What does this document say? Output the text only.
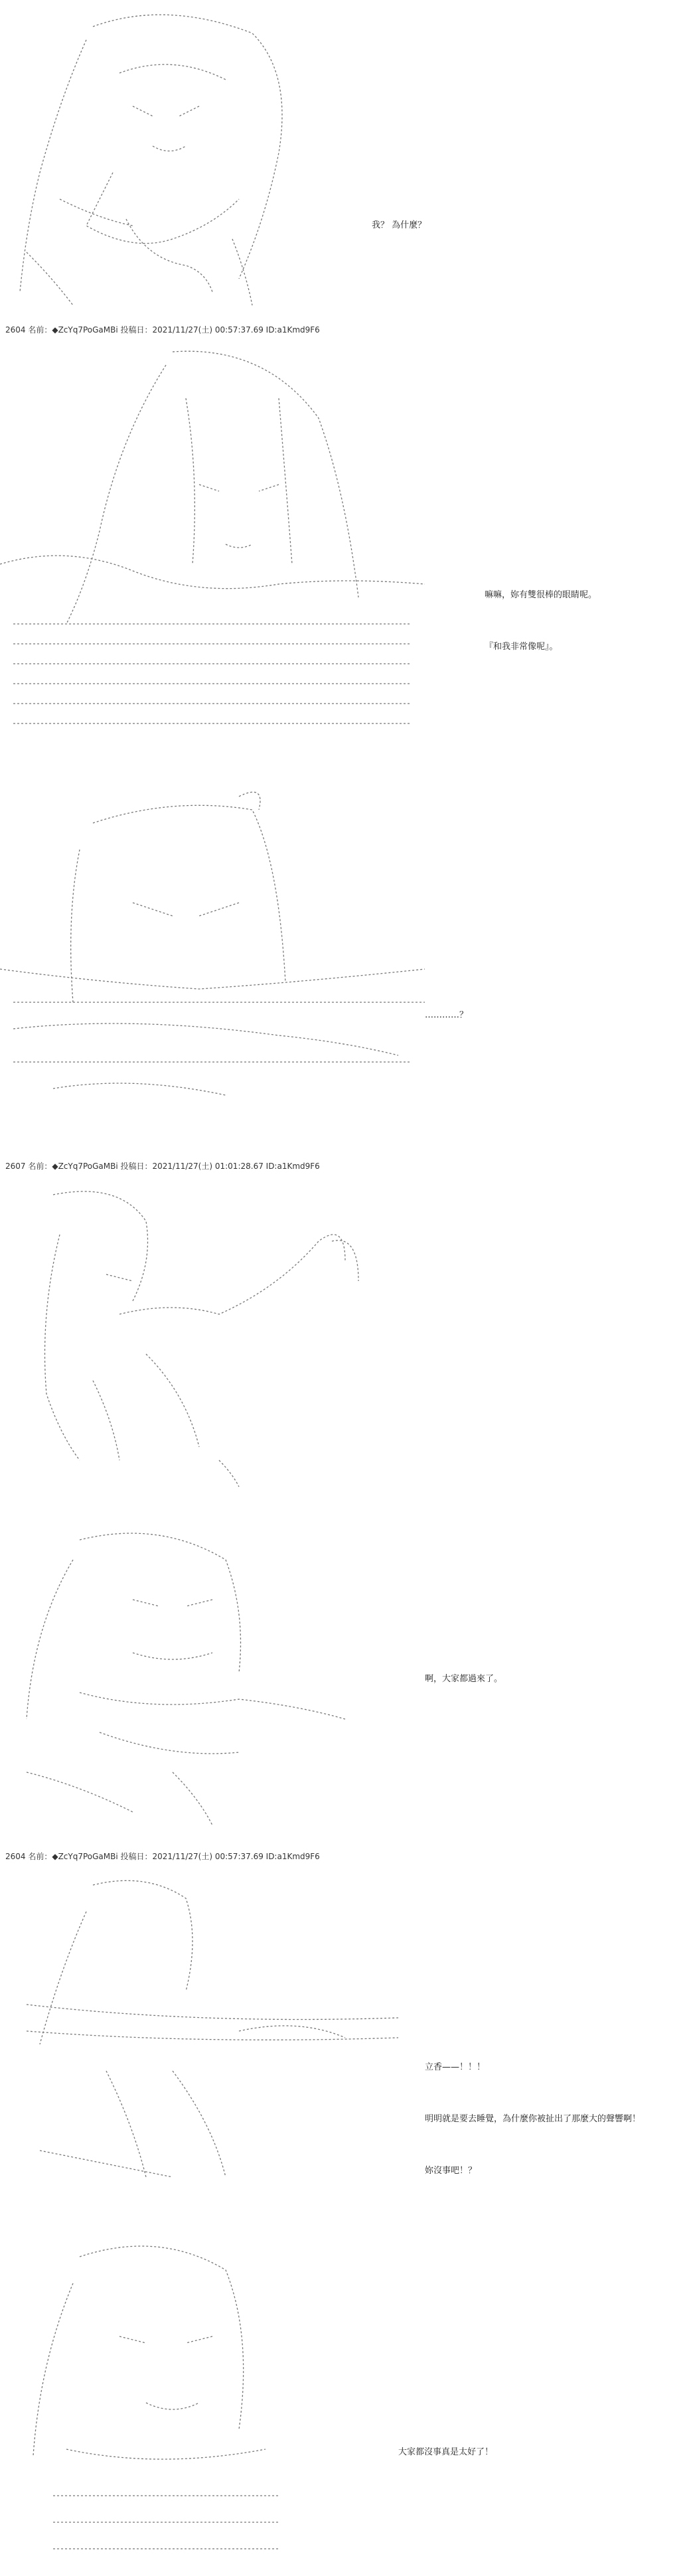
我？ 為什麼？

2604 名前：◆ZcYq7PoGaMBi 投稿日：2021/11/27(土) 00:57:37.69 ID:a1Kmd9F6

嘛嘛，妳有雙很棒的眼睛呢。

『和我非常像呢』。

…………？

2607 名前：◆ZcYq7PoGaMBi 投稿日：2021/11/27(土) 01:01:28.67 ID:a1Kmd9F6

啊，大家都過來了。

2604 名前：◆ZcYq7PoGaMBi 投稿日：2021/11/27(土) 00:57:37.69 ID:a1Kmd9F6

立香——！！！

明明就是要去睡覺，為什麼你被扯出了那麼大的聲響啊！

妳沒事吧！？

大家都沒事真是太好了！
